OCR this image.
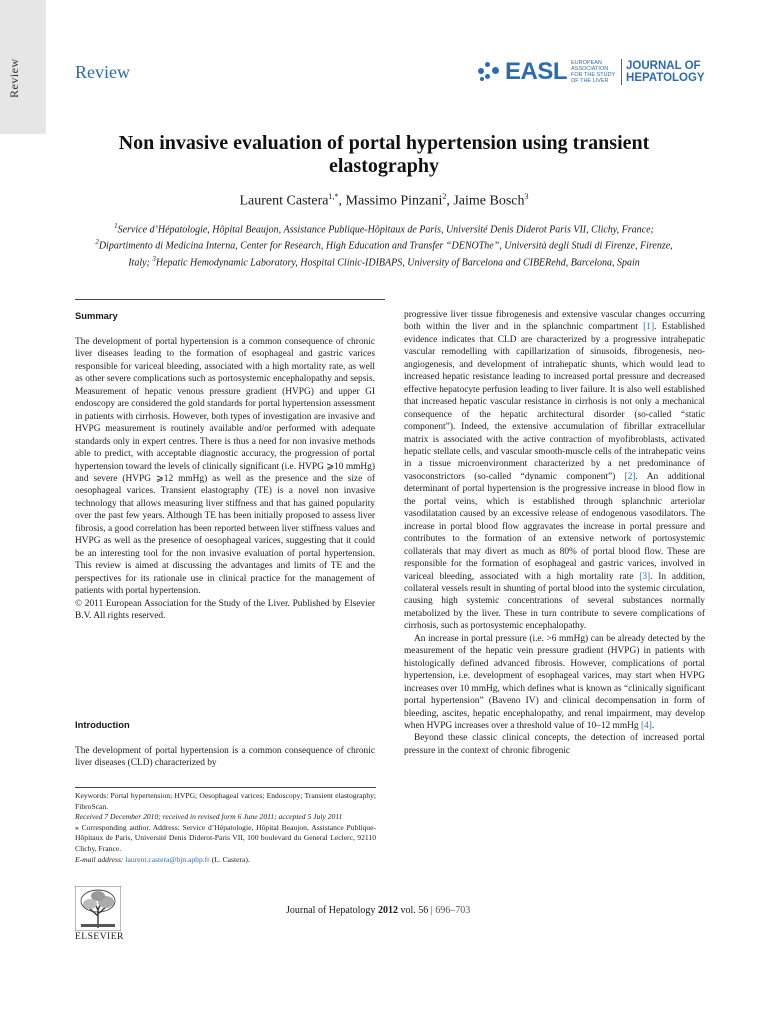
Review	Review	EASL EUROPEAN ASSOCIATION FOR THE STUDY OF THE LIVER
JOURNAL OF
HEPATOLOGY
Non invasive evaluation of portal hypertension using transient elastography
Laurent Castera$^{1,*}$, Massimo Pinzani$^2$, Jaime Bosch$^3$
$^1$Service d’Hépatologie, Hôpital Beaujon, Assistance Publique-Hôpitaux de Paris, Université Denis Diderot Paris VII, Clichy, France; $^2$Dipartimento di Medicina Interna, Center for Research, High Education and Transfer “DENOThe”, Università degli Studi di Firenze, Firenze, Italy; $^3$Hepatic Hemodynamic Laboratory, Hospital Clínic-IDIBAPS, University of Barcelona and CIBERehd, Barcelona, Spain
Summary

The development of portal hypertension is a common consequence of chronic liver diseases leading to the formation of esophageal and gastric varices responsible for variceal bleeding, associated with a high mortality rate, as well as other severe complications such as portosystemic encephalopathy and sepsis. Measurement of hepatic venous pressure gradient (HVPG) and upper GI endoscopy are considered the gold standards for portal hypertension assessment in patients with cirrhosis. However, both types of investigation are invasive and HVPG measurement is routinely available and/or performed with adequate standards only in expert centres. There is thus a need for non invasive methods able to predict, with acceptable diagnostic accuracy, the progression of portal hypertension toward the levels of clinically significant (i.e. HVPG ⩾10 mmHg) and severe (HVPG ⩾12 mmHg) as well as the presence and the size of oesophageal varices. Transient elastography (TE) is a novel non invasive technology that allows measuring liver stiffness and that has gained popularity over the past few years. Although TE has been initially proposed to assess liver fibrosis, a good correlation has been reported between liver stiffness values and HVPG as well as the presence of oesophageal varices, suggesting that it could be an interesting tool for the non invasive evaluation of portal hypertension. This review is aimed at discussing the advantages and limits of TE and the perspectives for its rationale use in clinical practice for the management of patients with portal hypertension.

© 2011 European Association for the Study of the Liver. Published by Elsevier B.V. All rights reserved.

Introduction

The development of portal hypertension is a common consequence of chronic liver diseases (CLD) characterized by

Keywords: Portal hypertension; HVPG; Oesophageal varices; Endoscopy; Transient elastography; FibroScan.

Received 7 December 2010; received in revised form 6 June 2011; accepted 5 July 2011

⁎ Corresponding author. Address: Service d’Hépatologie, Hôpital Beaujon, Assistance Publique-Hôpitaux de Paris, Université Denis Diderot-Paris VII, 100 boulevard du General Leclerc, 92110 Clichy, France.

E-mail address: laurent.castera@bjn.aphp.fr (L. Castera).

progressive liver tissue fibrogenesis and extensive vascular changes occurring both within the liver and in the splanchnic compartment [1]. Established evidence indicates that CLD are characterized by a progressive intrahepatic vascular remodelling with capillarization of sinusoids, fibrogenesis, neo-angiogenesis, and development of intrahepatic shunts, which would lead to increased hepatic resistance leading to increased portal pressure and decreased effective hepatocyte perfusion leading to liver failure. It is also well established that increased hepatic vascular resistance in cirrhosis is not only a mechanical consequence of the hepatic architectural disorder (so-called “static component”). Indeed, the extensive accumulation of fibrillar extracellular matrix is associated with the active contraction of myofibroblasts, activated hepatic stellate cells, and vascular smooth-muscle cells of the intrahepatic veins in a tissue microenvironment characterized by a net predominance of vasoconstrictors (so-called “dynamic component”) [2]. An additional determinant of portal hypertension is the progressive increase in blood flow in the portal veins, which is established through splanchnic arteriolar vasodilatation caused by an excessive release of endogenous vasodilators. The increase in portal blood flow aggravates the increase in portal pressure and contributes to the formation of an extensive network of portosystemic collaterals that may divert as much as 80% of portal blood flow. These are responsible for the formation of esophageal and gastric varices, involved in variceal bleeding, associated with a high mortality rate [3]. In addition, collateral vessels result in shunting of portal blood into the systemic circulation, causing high systemic concentrations of several substances normally metabolized by the liver. These in turn contribute to severe complications of cirrhosis, such as portosystemic encephalopathy.

An increase in portal pressure (i.e. >6 mmHg) can be already detected by the measurement of the hepatic vein pressure gradient (HVPG) in patients with histologically defined advanced fibrosis. However, complications of portal hypertension, i.e. development of esophageal varices, may start when HVPG increases over 10 mmHg, which defines what is known as “clinically significant portal hypertension” (Baveno IV) and clinical decompensation in form of bleeding, ascites, hepatic encephalopathy, and renal impairment, may develop when HVPG increases over a threshold value of 10–12 mmHg [4].

Beyond these classic clinical concepts, the detection of increased portal pressure in the context of chronic fibrogenic

ELSEVIER
Journal of Hepatology 2012 vol. 56 | 696–703
